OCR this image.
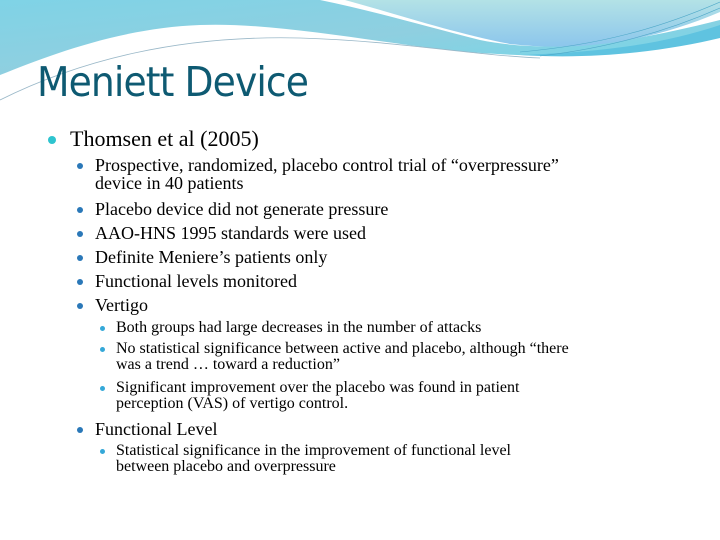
Meniett Device
Thomsen et al (2005)
Prospective, randomized, placebo control trial of “overpressure”
device in 40 patients
Placebo device did not generate pressure
AAO-HNS 1995 standards were used
Definite Meniere’s patients only
Functional levels monitored
Vertigo
Both groups had large decreases in the number of attacks
No statistical significance between active and placebo, although “there
was a trend … toward a reduction”
Significant improvement over the placebo was found in patient
perception (VAS) of vertigo control.
Functional Level
Statistical significance in the improvement of functional level
between placebo and overpressure
